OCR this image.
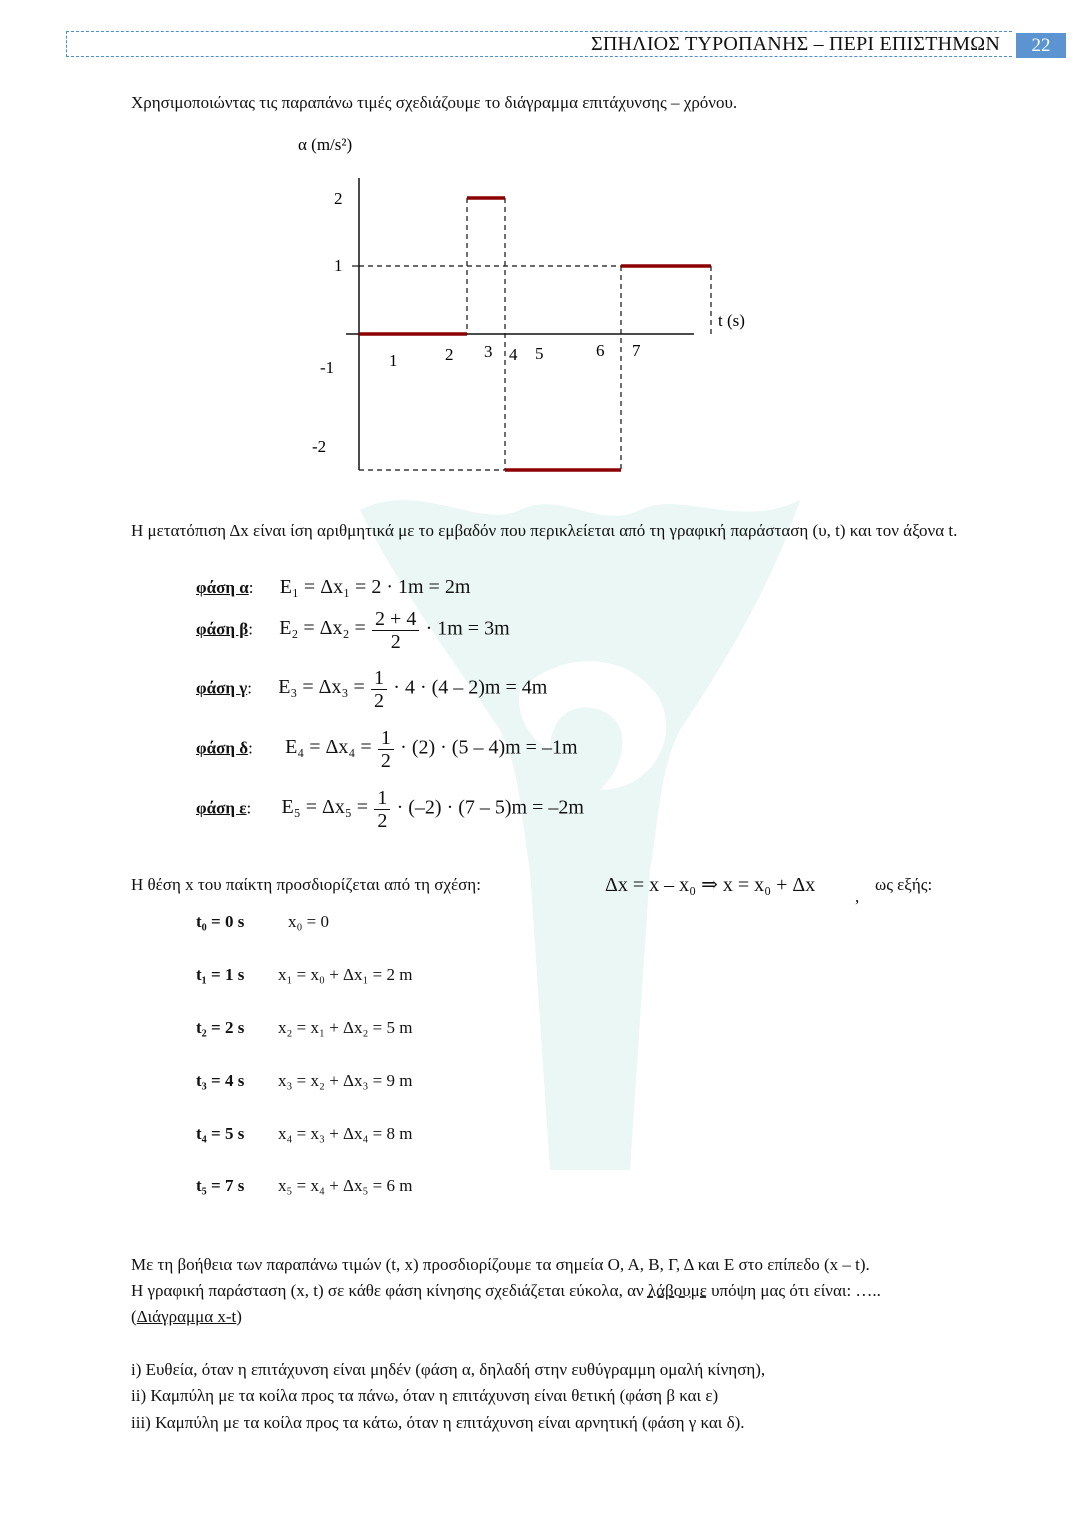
ΣΠΗΛΙΟΣ ΤΥΡΟΠΑΝΗΣ – ΠΕΡΙ ΕΠΙΣΤΗΜΩΝ	22
Χρησιμοποιώντας τις παραπάνω τιμές σχεδιάζουμε το διάγραμμα επιτάχυνσης – χρόνου.
α (m/s²)
t (s)
2
1
-1
-2
1	2 3 4 5	6 7
Η μετατόπιση Δx είναι ίση αριθμητικά με το εμβαδόν που περικλείεται από τη γραφική παράσταση (υ, t) και τον άξονα t.
φάση α: E₁ = Δx₁ = 2 · 1m = 2m
φάση β: $E_2 = \Delta x_2 = \frac{2 + 4}{2} \cdot 1m = 3m$
φάση γ: $E_3 = \Delta x_3 = \frac{1}{2} \cdot 4 \cdot (4 - 2)m = 4m$
φάση δ: $E_4 = \Delta x_4 = \frac{1}{2} \cdot (2) \cdot (5 - 4)m = -1m$
φάση ε: $E_5 = \Delta x_5 = \frac{1}{2} \cdot (-2) \cdot (7 - 5)m = -2m$
Η θέση x του παίκτη προσδιορίζεται από τη σχέση:	Δx = x – x₀ ⇒ x = x₀ + Δx
,
ως εξής:
t₀ = 0 s	x₀ = 0
t₁ = 1 s x₁ = x₀ + Δx₁ = 2 m
t₂ = 2 s x₂ = x₁ + Δx₂ = 5 m
t₃ = 4 s x₃ = x₂ + Δx₃ = 9 m
t₄ = 5 s x₄ = x₃ + Δx₄ = 8 m
t₅ = 7 s x₅ = x₄ + Δx₅ = 6 m
Με τη βοήθεια των παραπάνω τιμών (t, x) προσδιορίζουμε τα σημεία O, A, B, Γ, Δ και E στο επίπεδο (x – t).
Η γραφική παράσταση (x, t) σε κάθε φάση κίνησης σχεδιάζεται εύκολα, αν λάβουμε υπόψη μας ότι είναι: …..
(Διάγραμμα x-t)
i) Ευθεία, όταν η επιτάχυνση είναι μηδέν (φάση α, δηλαδή στην ευθύγραμμη ομαλή κίνηση),
ii) Καμπύλη με τα κοίλα προς τα πάνω, όταν η επιτάχυνση είναι θετική (φάση β και ε)
iii) Καμπύλη με τα κοίλα προς τα κάτω, όταν η επιτάχυνση είναι αρνητική (φάση γ και δ).
